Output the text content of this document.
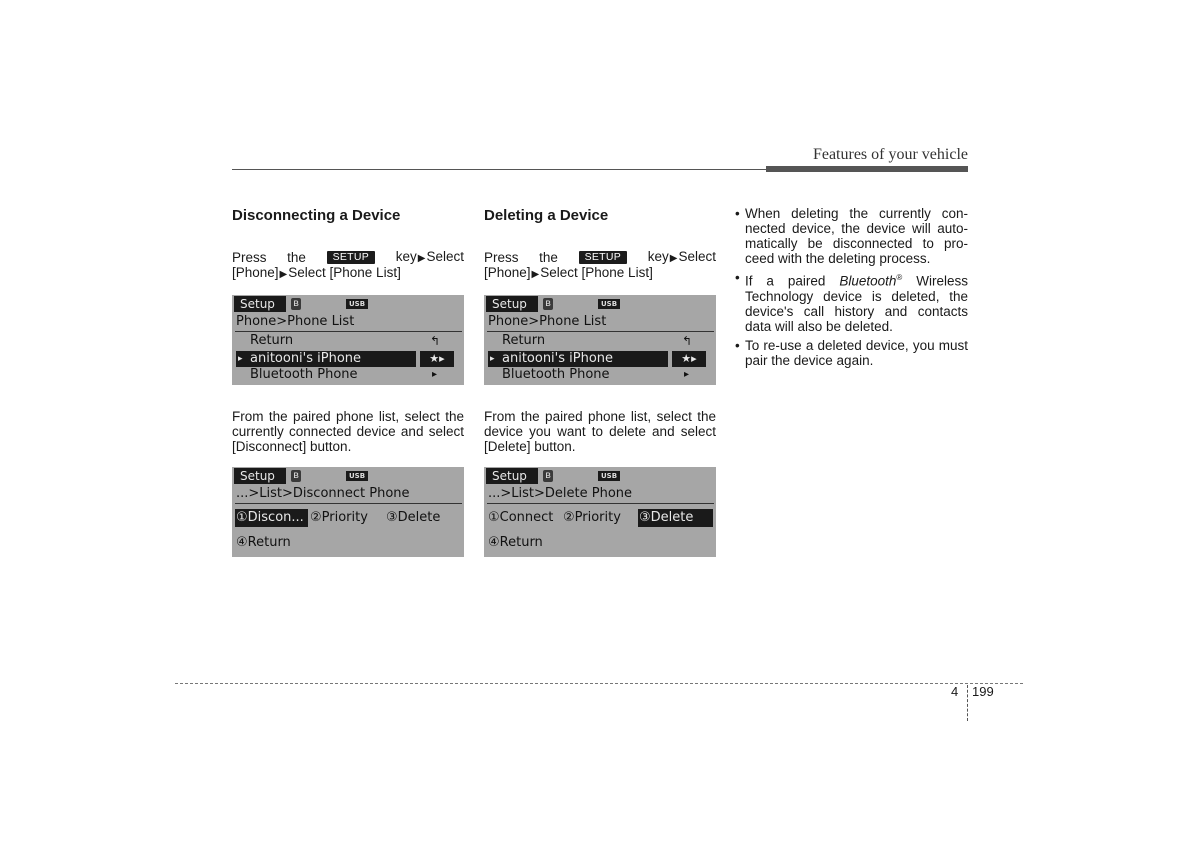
Features of your vehicle
Disconnecting a Device

Press the	SETUP	key▶Select

[Phone]▶Select [Phone List]

Setup	ʙ	USB
Phone>Phone List
Return	↰
▸ anitooni's iPhone	★▸
Bluetooth Phone	▸

From the paired phone list, select the currently connected device and select [Disconnect] button.

Setup	ʙ	USB
...>List>Disconnect Phone
①Discon... ②Priority ③Delete
④Return
Deleting a Device

Press the	SETUP	key▶Select

[Phone]▶Select [Phone List]

Setup	ʙ	USB
Phone>Phone List
Return	↰
▸ anitooni's iPhone	★▸
Bluetooth Phone	▸

From the paired phone list, select the device you want to delete and select [Delete] button.

Setup	ʙ	USB
...>List>Delete Phone
①Connect ②Priority ③Delete
④Return
• When deleting the currently con-nected device, the device will auto-matically be disconnected to pro-ceed with the deleting process.
• If a paired Bluetooth® Wireless Technology device is deleted, the device's call history and contacts data will also be deleted.
• To re-use a deleted device, you must pair the device again.
4 199
